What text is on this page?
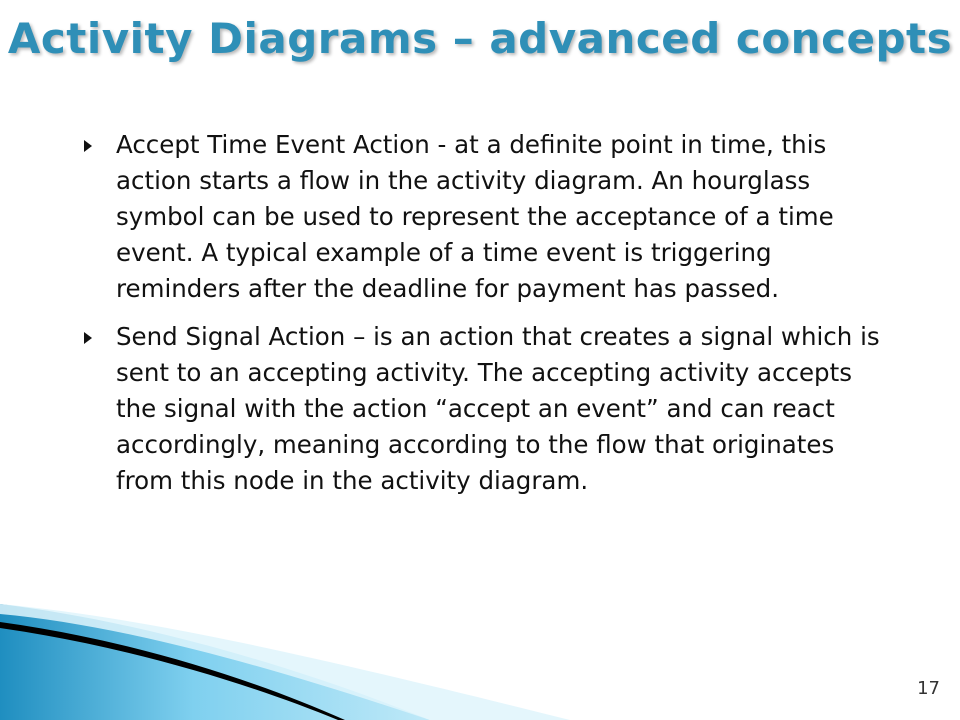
Activity Diagrams – advanced concepts
Accept Time Event Action - at a definite point in time, this action starts a flow in the activity diagram. An hourglass symbol can be used to represent the acceptance of a time event. A typical example of a time event is triggering reminders after the deadline for payment has passed.
Send Signal Action – is an action that creates a signal which is sent to an accepting activity. The accepting activity accepts the signal with the action “accept an event” and can react accordingly, meaning according to the flow that originates from this node in the activity diagram.
17
